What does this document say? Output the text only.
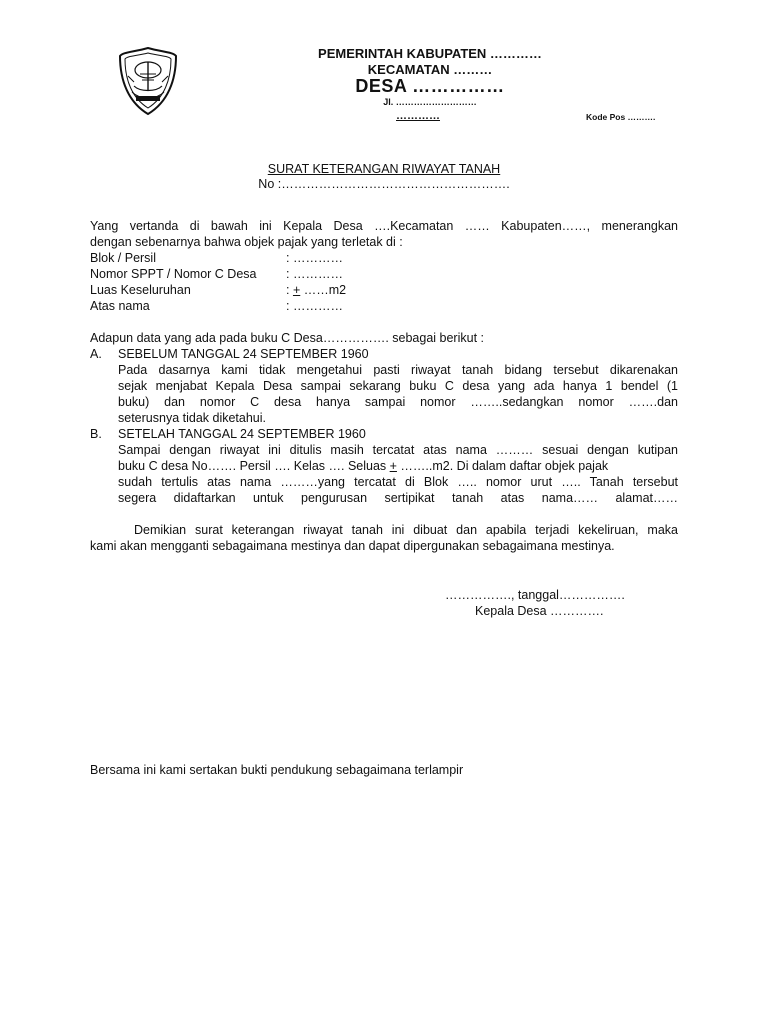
PEMERINTAH KABUPATEN …………
KECAMATAN ………
DESA ……………
Jl. ………………………
…………	Kode Pos ……….
SURAT KETERANGAN RIWAYAT TANAH
No :……………………………………………….
Yang vertanda di bawah ini Kepala Desa ….Kecamatan …… Kabupaten……, menerangkan
dengan sebenarnya bahwa objek pajak yang terletak di :
Blok / Persil	: …………
Nomor SPPT / Nomor C Desa : …………
Luas Keseluruhan	: + ……m2
Atas nama	: …………
Adapun data yang ada pada buku C Desa……………. sebagai berikut :
A. SEBELUM TANGGAL 24 SEPTEMBER 1960
Pada dasarnya kami tidak mengetahui pasti riwayat tanah bidang tersebut dikarenakan
sejak menjabat Kepala Desa sampai sekarang buku C desa yang ada hanya 1 bendel (1
buku) dan nomor C desa hanya sampai nomor ……..sedangkan nomor …….dan
seterusnya tidak diketahui.
B. SETELAH TANGGAL 24 SEPTEMBER 1960
Sampai dengan riwayat ini ditulis masih tercatat atas nama ……… sesuai dengan kutipan
buku C desa No……. Persil …. Kelas …. Seluas + ……..m2. Di dalam daftar objek pajak
sudah tertulis atas nama ………yang tercatat di Blok ….. nomor urut ….. Tanah tersebut
segera didaftarkan untuk pengurusan sertipikat tanah atas nama…… alamat……
Demikian surat keterangan riwayat tanah ini dibuat dan apabila terjadi kekeliruan, maka
kami akan mengganti sebagaimana mestinya dan dapat dipergunakan sebagaimana mestinya.
……………., tanggal…………….
Kepala Desa ………….
Bersama ini kami sertakan bukti pendukung sebagaimana terlampir
